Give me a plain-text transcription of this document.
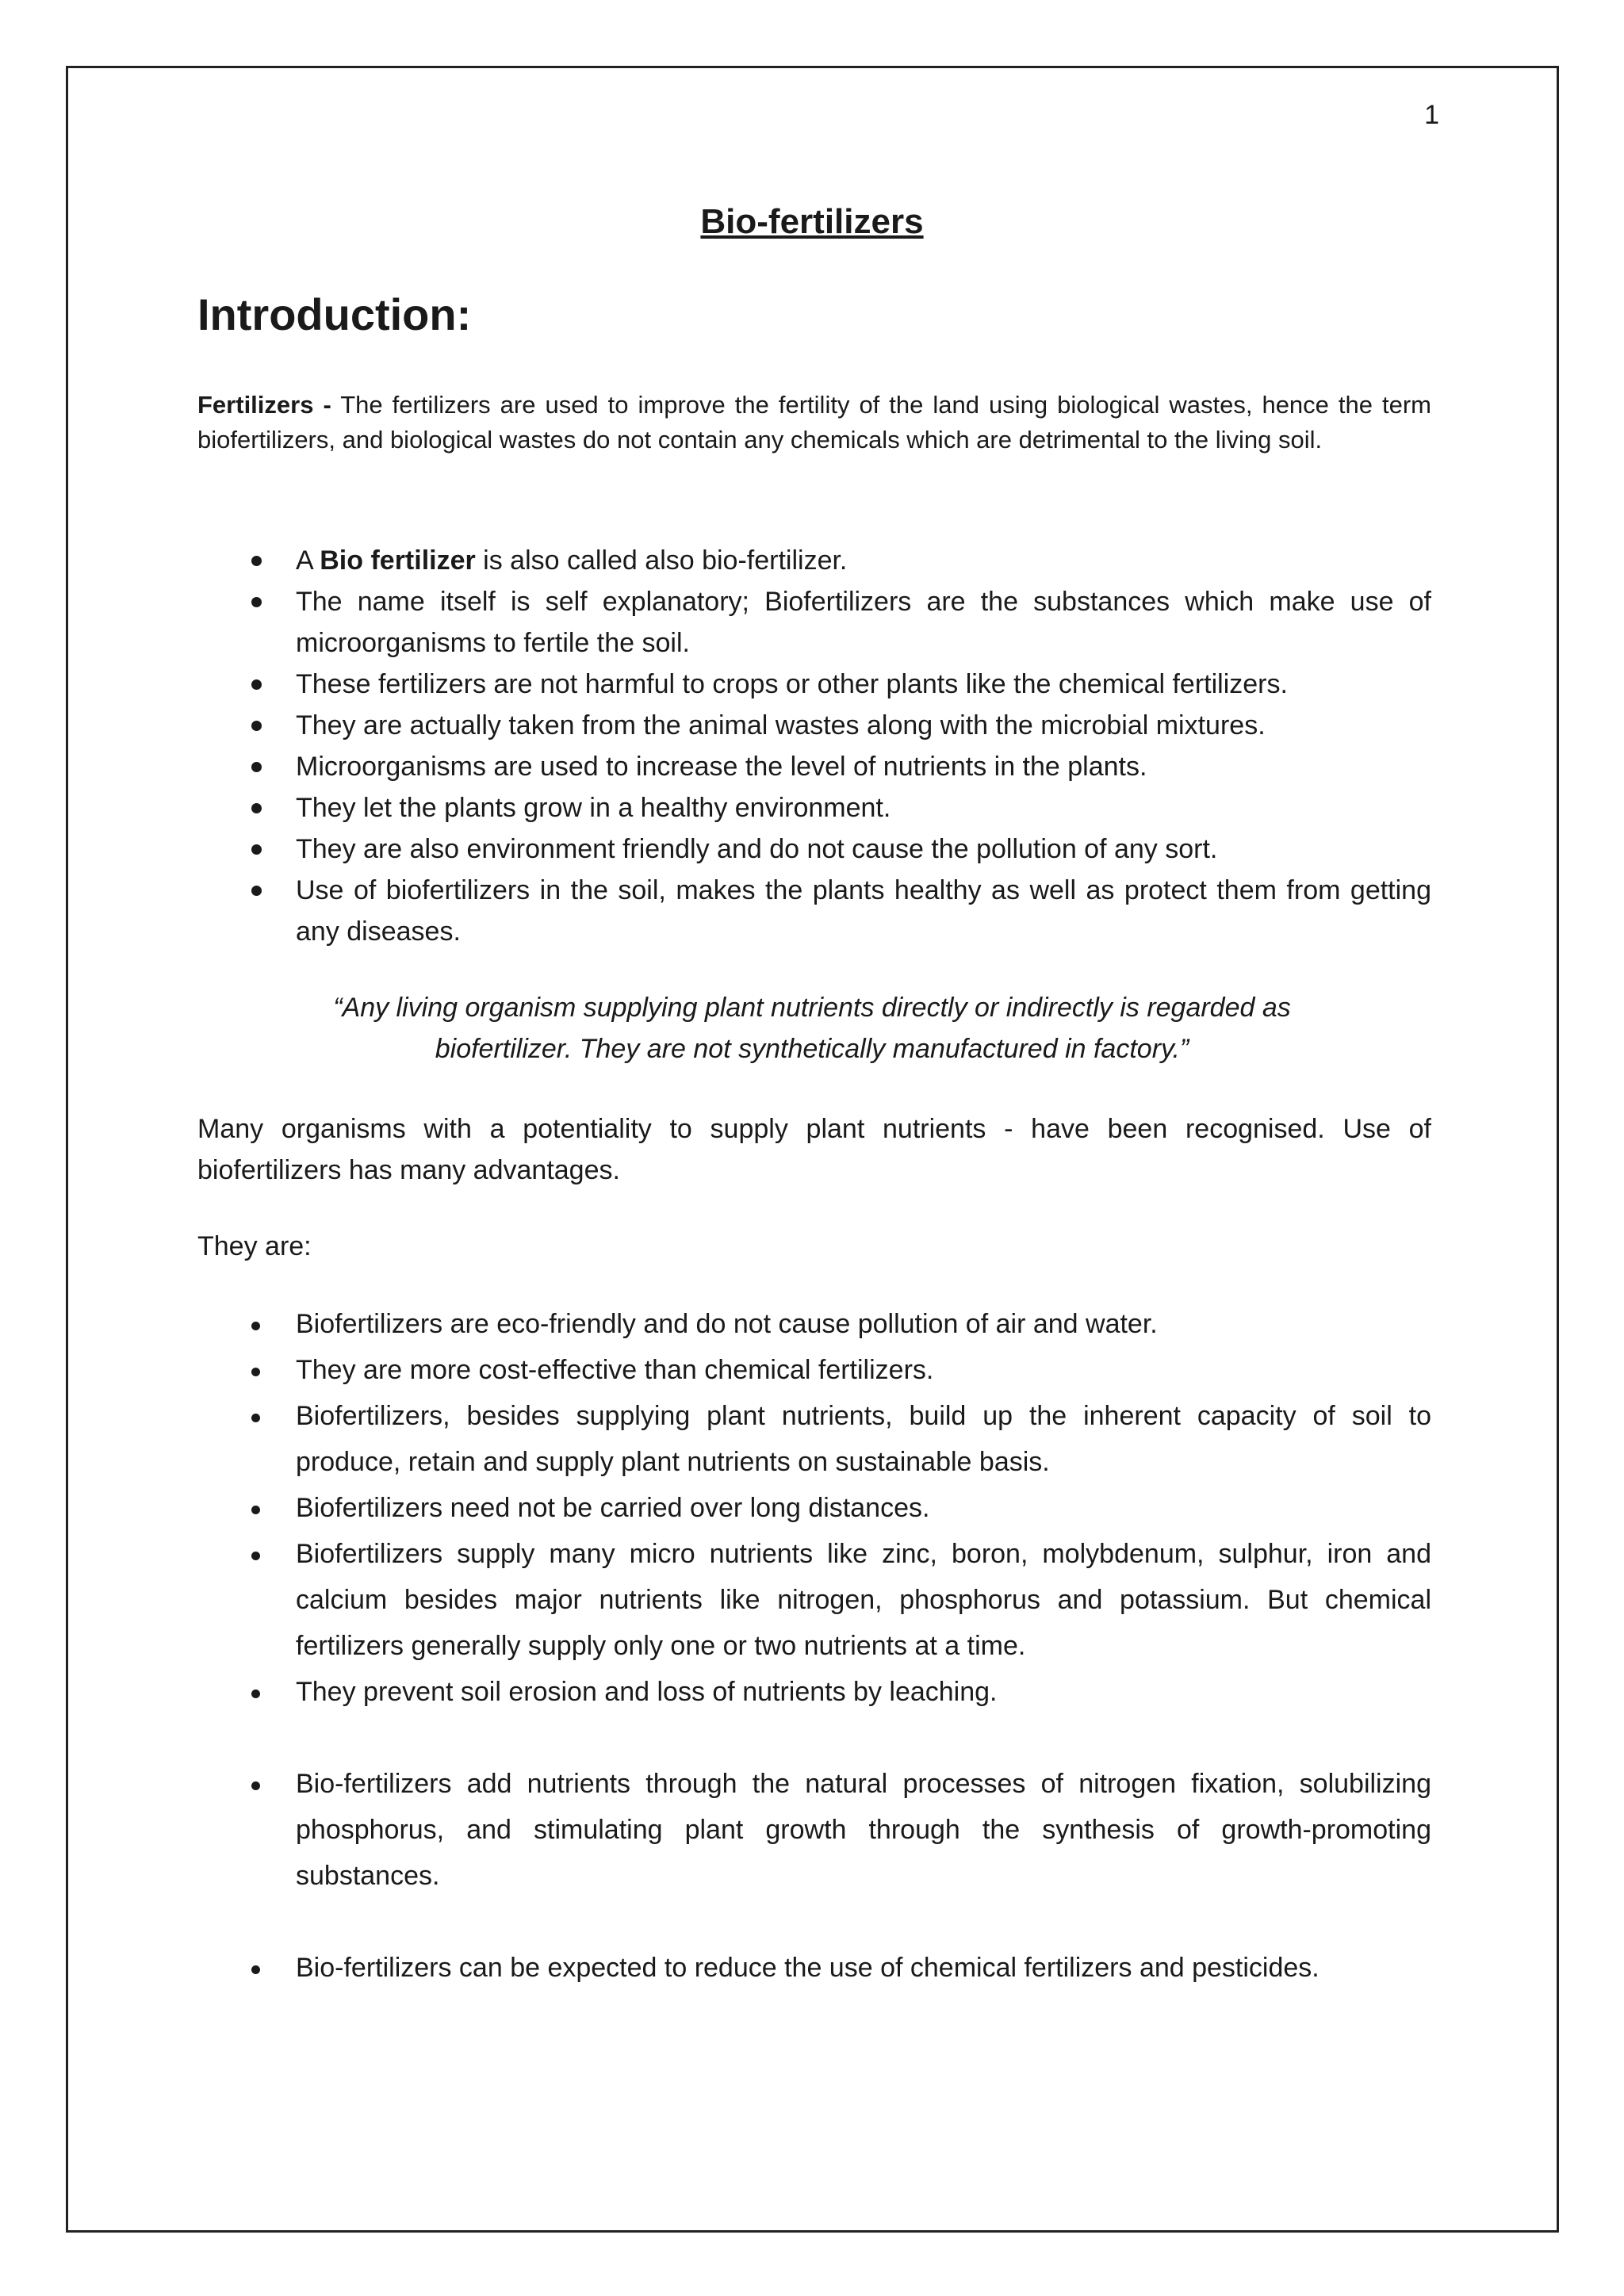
1
Bio-fertilizers
Introduction:

Fertilizers - The fertilizers are used to improve the fertility of the land using biological wastes, hence the term biofertilizers, and biological wastes do not contain any chemicals which are detrimental to the living soil.

A Bio fertilizer is also called also bio-fertilizer.
The name itself is self explanatory; Biofertilizers are the substances which make use of microorganisms to fertile the soil.
These fertilizers are not harmful to crops or other plants like the chemical fertilizers.
They are actually taken from the animal wastes along with the microbial mixtures.
Microorganisms are used to increase the level of nutrients in the plants.
They let the plants grow in a healthy environment.
They are also environment friendly and do not cause the pollution of any sort.
Use of biofertilizers in the soil, makes the plants healthy as well as protect them from getting any diseases.

“Any living organism supplying plant nutrients directly or indirectly is regarded as
biofertilizer. They are not synthetically manufactured in factory.”

Many organisms with a potentiality to supply plant nutrients - have been recognised. Use of biofertilizers has many advantages.

They are:

Biofertilizers are eco-friendly and do not cause pollution of air and water.
They are more cost-effective than chemical fertilizers.
Biofertilizers, besides supplying plant nutrients, build up the inherent capacity of soil to produce, retain and supply plant nutrients on sustainable basis.
Biofertilizers need not be carried over long distances.
Biofertilizers supply many micro nutrients like zinc, boron, molybdenum, sulphur, iron and calcium besides major nutrients like nitrogen, phosphorus and potassium. But chemical fertilizers generally supply only one or two nutrients at a time.
They prevent soil erosion and loss of nutrients by leaching.
Bio-fertilizers add nutrients through the natural processes of nitrogen fixation, solubilizing phosphorus, and stimulating plant growth through the synthesis of growth-promoting substances.
Bio-fertilizers can be expected to reduce the use of chemical fertilizers and pesticides.
